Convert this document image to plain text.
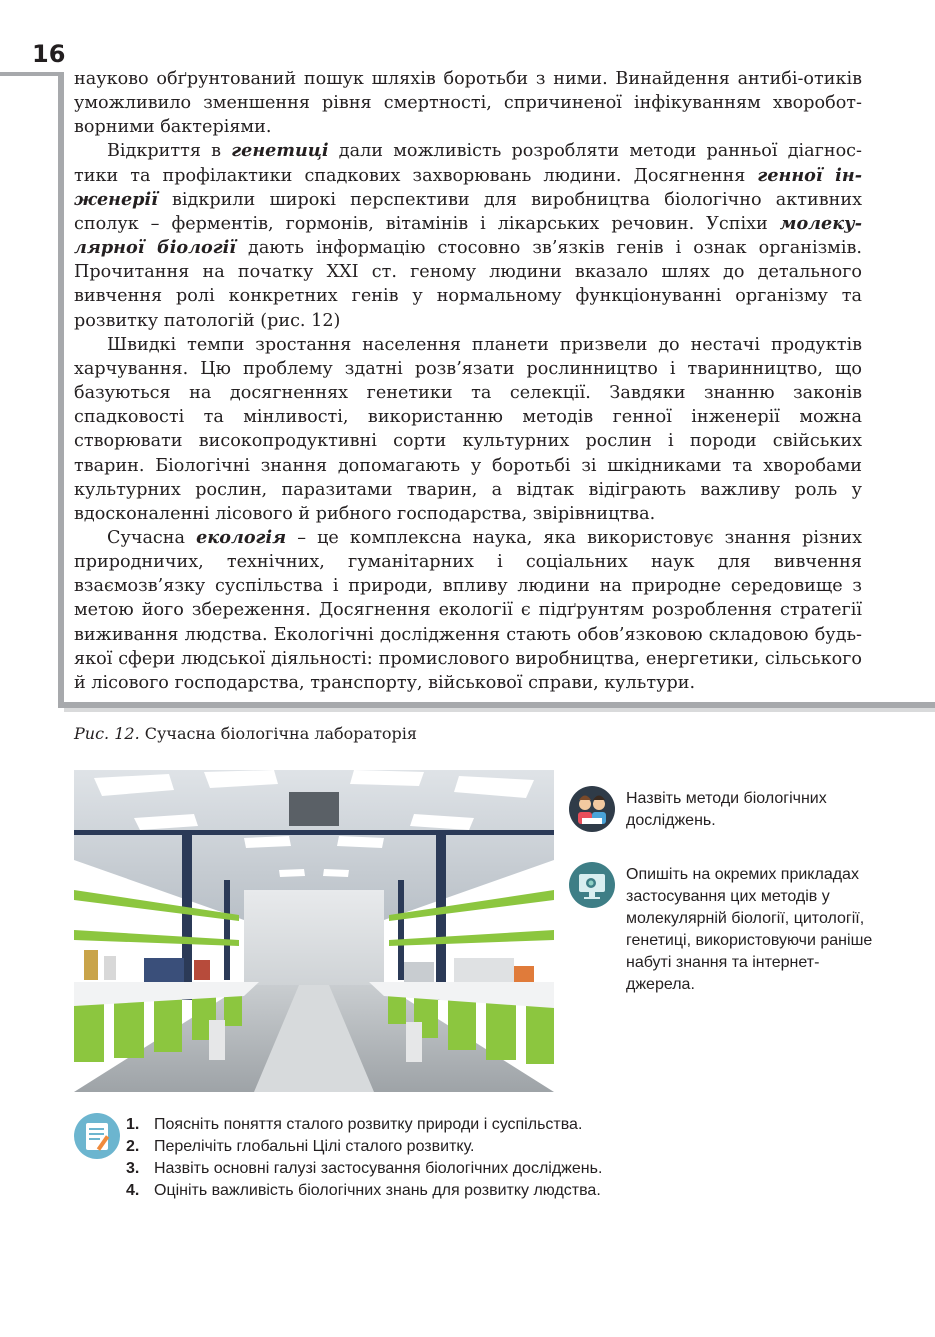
16

науково обґрунтований пошук шляхів боротьби з ними. Винайдення антибі-отиків уможливило зменшення рівня смертності, спричиненої інфікуванням хвороботворними бактеріями.

Відкриття в генетиці дали можливість розробляти методи ранньої діагностики та профілактики спадкових захворювань людини. Досягнення генної інженерії відкрили широкі перспективи для виробництва біологічно активних сполук – ферментів, гормонів, вітамінів і лікарських речовин. Успіхи молекулярної біології дають інформацію стосовно зв’язків генів і ознак організмів. Прочитання на початку XXI ст. геному людини вказало шлях до детального вивчення ролі конкретних генів у нормальному функціонуванні організму та розвитку патологій (рис. 12)

Швидкі темпи зростання населення планети призвели до нестачі продуктів харчування. Цю проблему здатні розв’язати рослинництво і тваринництво, що базуються на досягненнях генетики та селекції. Завдяки знанню законів спадковості та мінливості, використанню методів генної інженерії можна створювати високопродуктивні сорти культурних рослин і породи свійських тварин. Біологічні знання допомагають у боротьбі зі шкідниками та хворобами культурних рослин, паразитами тварин, а відтак відіграють важливу роль у вдосконаленні лісового й рибного господарства, звірівництва.

Сучасна екологія – це комплексна наука, яка використовує знання різних природничих, технічних, гуманітарних і соціальних наук для вивчення взаємозв’язку суспільства і природи, впливу людини на природне середовище з метою його збереження. Досягнення екології є підґрунтям розроблення стратегії виживання людства. Екологічні дослідження стають обов’язковою складовою будь-якої сфери людської діяльності: промислового виробництва, енергетики, сільського й лісового господарства, транспорту, військової справи, культури.

Рис. 12. Сучасна біологічна лабораторія
Назвіть методи біологічних досліджень.
Опишіть на окремих прикладах застосування цих методів у молекулярній біології, цитології, генетиці, використовуючи раніше набуті знання та інтернет-джерела.
1. Поясніть поняття сталого розвитку природи і суспільства.
2. Перелічіть глобальні Цілі сталого розвитку.
3. Назвіть основні галузі застосування біологічних досліджень.
4. Оцініть важливість біологічних знань для розвитку людства.
